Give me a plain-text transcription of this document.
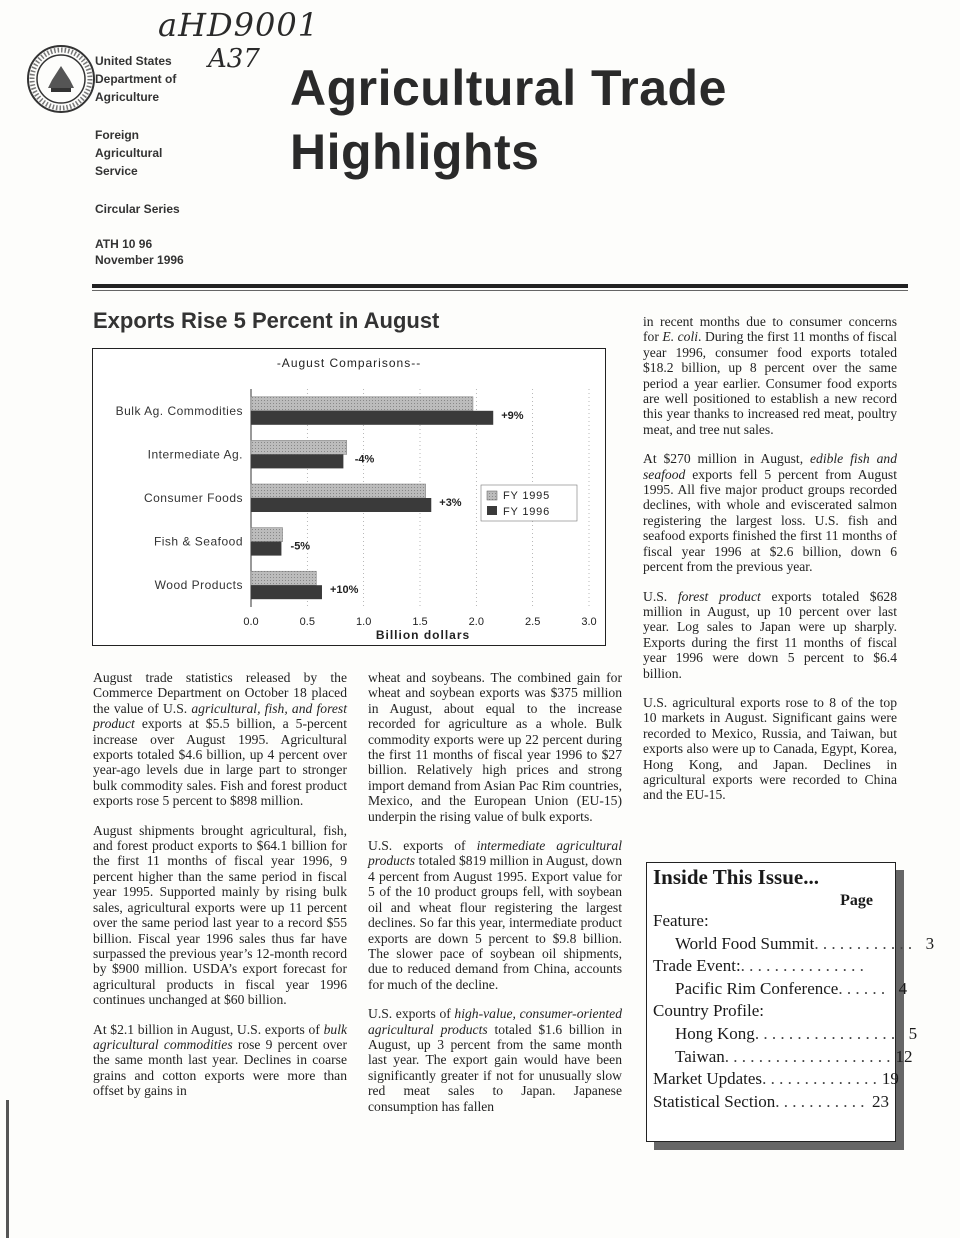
aHD9001
A37
United States
Department of
Agriculture
Foreign
Agricultural
Service
Circular Series
ATH 10 96
November 1996
Agricultural Trade
Highlights
Exports Rise 5 Percent in August
-August Comparisons--
0.0	0.5	1.0	1.5	2.0	2.5	3.0
Billion dollars
Bulk Ag. Commodities	+9%
Intermediate Ag.	-4%
Consumer Foods	+3%
Fish & Seafood	-5%
Wood Products	+10%
FY 1995
FY 1996

August trade statistics released by the Commerce Department on October 18 placed the value of U.S. agricultural, fish, and forest product exports at $5.5 billion, a 5-percent increase over August 1995. Agricultural exports totaled $4.6 billion, up 4 percent over year-ago levels due in large part to stronger bulk commodity sales. Fish and forest product exports rose 5 percent to $898 million.

August shipments brought agricultural, fish, and forest product exports to $64.1 billion for the first 11 months of fiscal year 1996, 9 percent higher than the same period in fiscal year 1995. Supported mainly by rising bulk sales, agricultural exports were up 11 percent over the same period last year to a record $55 billion. Fiscal year 1996 sales thus far have surpassed the previous year’s 12-month record by $900 million. USDA’s export forecast for agricultural products in fiscal year 1996 continues unchanged at $60 billion.

At $2.1 billion in August, U.S. exports of bulk agricultural commodities rose 9 percent over the same month last year. Declines in coarse grains and cotton exports were more than offset by gains in

wheat and soybeans. The combined gain for wheat and soybean exports was $375 million in August, about equal to the increase recorded for agriculture as a whole. Bulk commodity exports were up 22 percent during the first 11 months of fiscal year 1996 to $27 billion. Relatively high prices and strong import demand from Asian Pac Rim countries, Mexico, and the European Union (EU-15) underpin the rising value of bulk exports.

U.S. exports of intermediate agricultural products totaled $819 million in August, down 4 percent from August 1995. Export value for 5 of the 10 product groups fell, with soybean oil and wheat flour registering the largest declines. So far this year, intermediate product exports are down 5 percent to $9.8 billion. The slower pace of soybean oil shipments, due to reduced demand from China, accounts for much of the decline.

U.S. exports of high-value, consumer-oriented agricultural products totaled $1.6 billion in August, up 3 percent from the same month last year. The export gain would have been significantly greater if not for unusually slow red meat sales to Japan. Japanese consumption has fallen

in recent months due to consumer concerns for E. coli. During the first 11 months of fiscal year 1996, consumer food exports totaled $18.2 billion, up 8 percent over the same period a year earlier. Consumer food exports are well positioned to establish a new record this year thanks to increased red meat, poultry meat, and tree nut sales.

At $270 million in August, edible fish and seafood exports fell 5 percent from August 1995. All five major product groups recorded declines, with whole and eviscerated salmon registering the largest loss. U.S. fish and seafood exports finished the first 11 months of fiscal year 1996 at $2.6 billion, down 6 percent from the previous year.

U.S. forest product exports totaled $628 million in August, up 10 percent over last year. Log sales to Japan were up sharply. Exports during the first 11 months of fiscal year 1996 were down 5 percent to $6.4 billion.

U.S. agricultural exports rose to 8 of the top 10 markets in August. Significant gains were recorded to Mexico, Russia, and Taiwan, but exports also were up to Canada, Egypt, Korea, Hong Kong, and Japan. Declines in agricultural exports were recorded to China and the EU-15.

Inside This Issue...
Page
Feature:
World Food Summit . . . . . . . . . . . . 3
Trade Event: . . . . . . . . . . . . . . .
Pacific Rim Conference . . . . . . 4
Country Profile:
Hong Kong . . . . . . . . . . . . . . . . . 5
Taiwan . . . . . . . . . . . . . . . . . . . . 12
Market Updates . . . . . . . . . . . . . . 19
Statistical Section . . . . . . . . . . . 23
